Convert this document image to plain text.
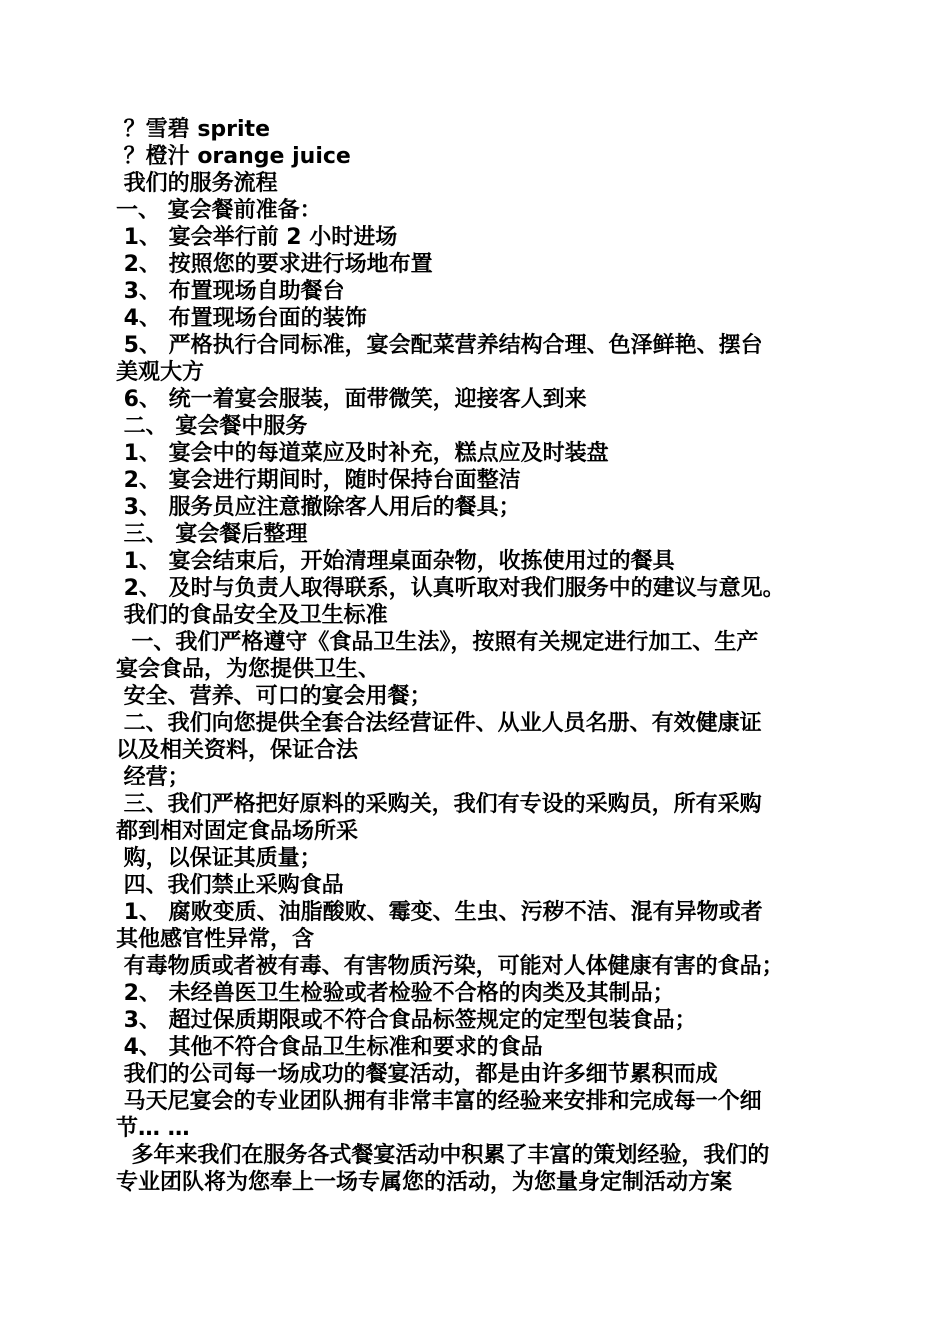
？雪碧 sprite
？橙汁 orange juice
我们的服务流程
一、 宴会餐前准备：
1、 宴会举行前 2 小时进场
2、 按照您的要求进行场地布置
3、 布置现场自助餐台
4、 布置现场台面的装饰
5、 严格执行合同标准，宴会配菜营养结构合理、色泽鲜艳、摆台
美观大方
6、 统一着宴会服装，面带微笑，迎接客人到来
二、 宴会餐中服务
1、 宴会中的每道菜应及时补充，糕点应及时装盘
2、 宴会进行期间时，随时保持台面整洁
3、 服务员应注意撤除客人用后的餐具；
三、 宴会餐后整理
1、 宴会结束后，开始清理桌面杂物，收拣使用过的餐具
2、 及时与负责人取得联系，认真听取对我们服务中的建议与意见。
我们的食品安全及卫生标准
一、我们严格遵守《食品卫生法》，按照有关规定进行加工、生产
宴会食品，为您提供卫生、
安全、营养、可口的宴会用餐；
二、我们向您提供全套合法经营证件、从业人员名册、有效健康证
以及相关资料，保证合法
经营；
三、我们严格把好原料的采购关，我们有专设的采购员，所有采购
都到相对固定食品场所采
购，以保证其质量；
四、我们禁止采购食品
1、 腐败变质、油脂酸败、霉变、生虫、污秽不洁、混有异物或者
其他感官性异常，含
有毒物质或者被有毒、有害物质污染，可能对人体健康有害的食品；
2、 未经兽医卫生检验或者检验不合格的肉类及其制品；
3、 超过保质期限或不符合食品标签规定的定型包装食品；
4、 其他不符合食品卫生标准和要求的食品
我们的公司每一场成功的餐宴活动，都是由许多细节累积而成
马天尼宴会的专业团队拥有非常丰富的经验来安排和完成每一个细
节… …
多年来我们在服务各式餐宴活动中积累了丰富的策划经验，我们的
专业团队将为您奉上一场专属您的活动，为您量身定制活动方案
